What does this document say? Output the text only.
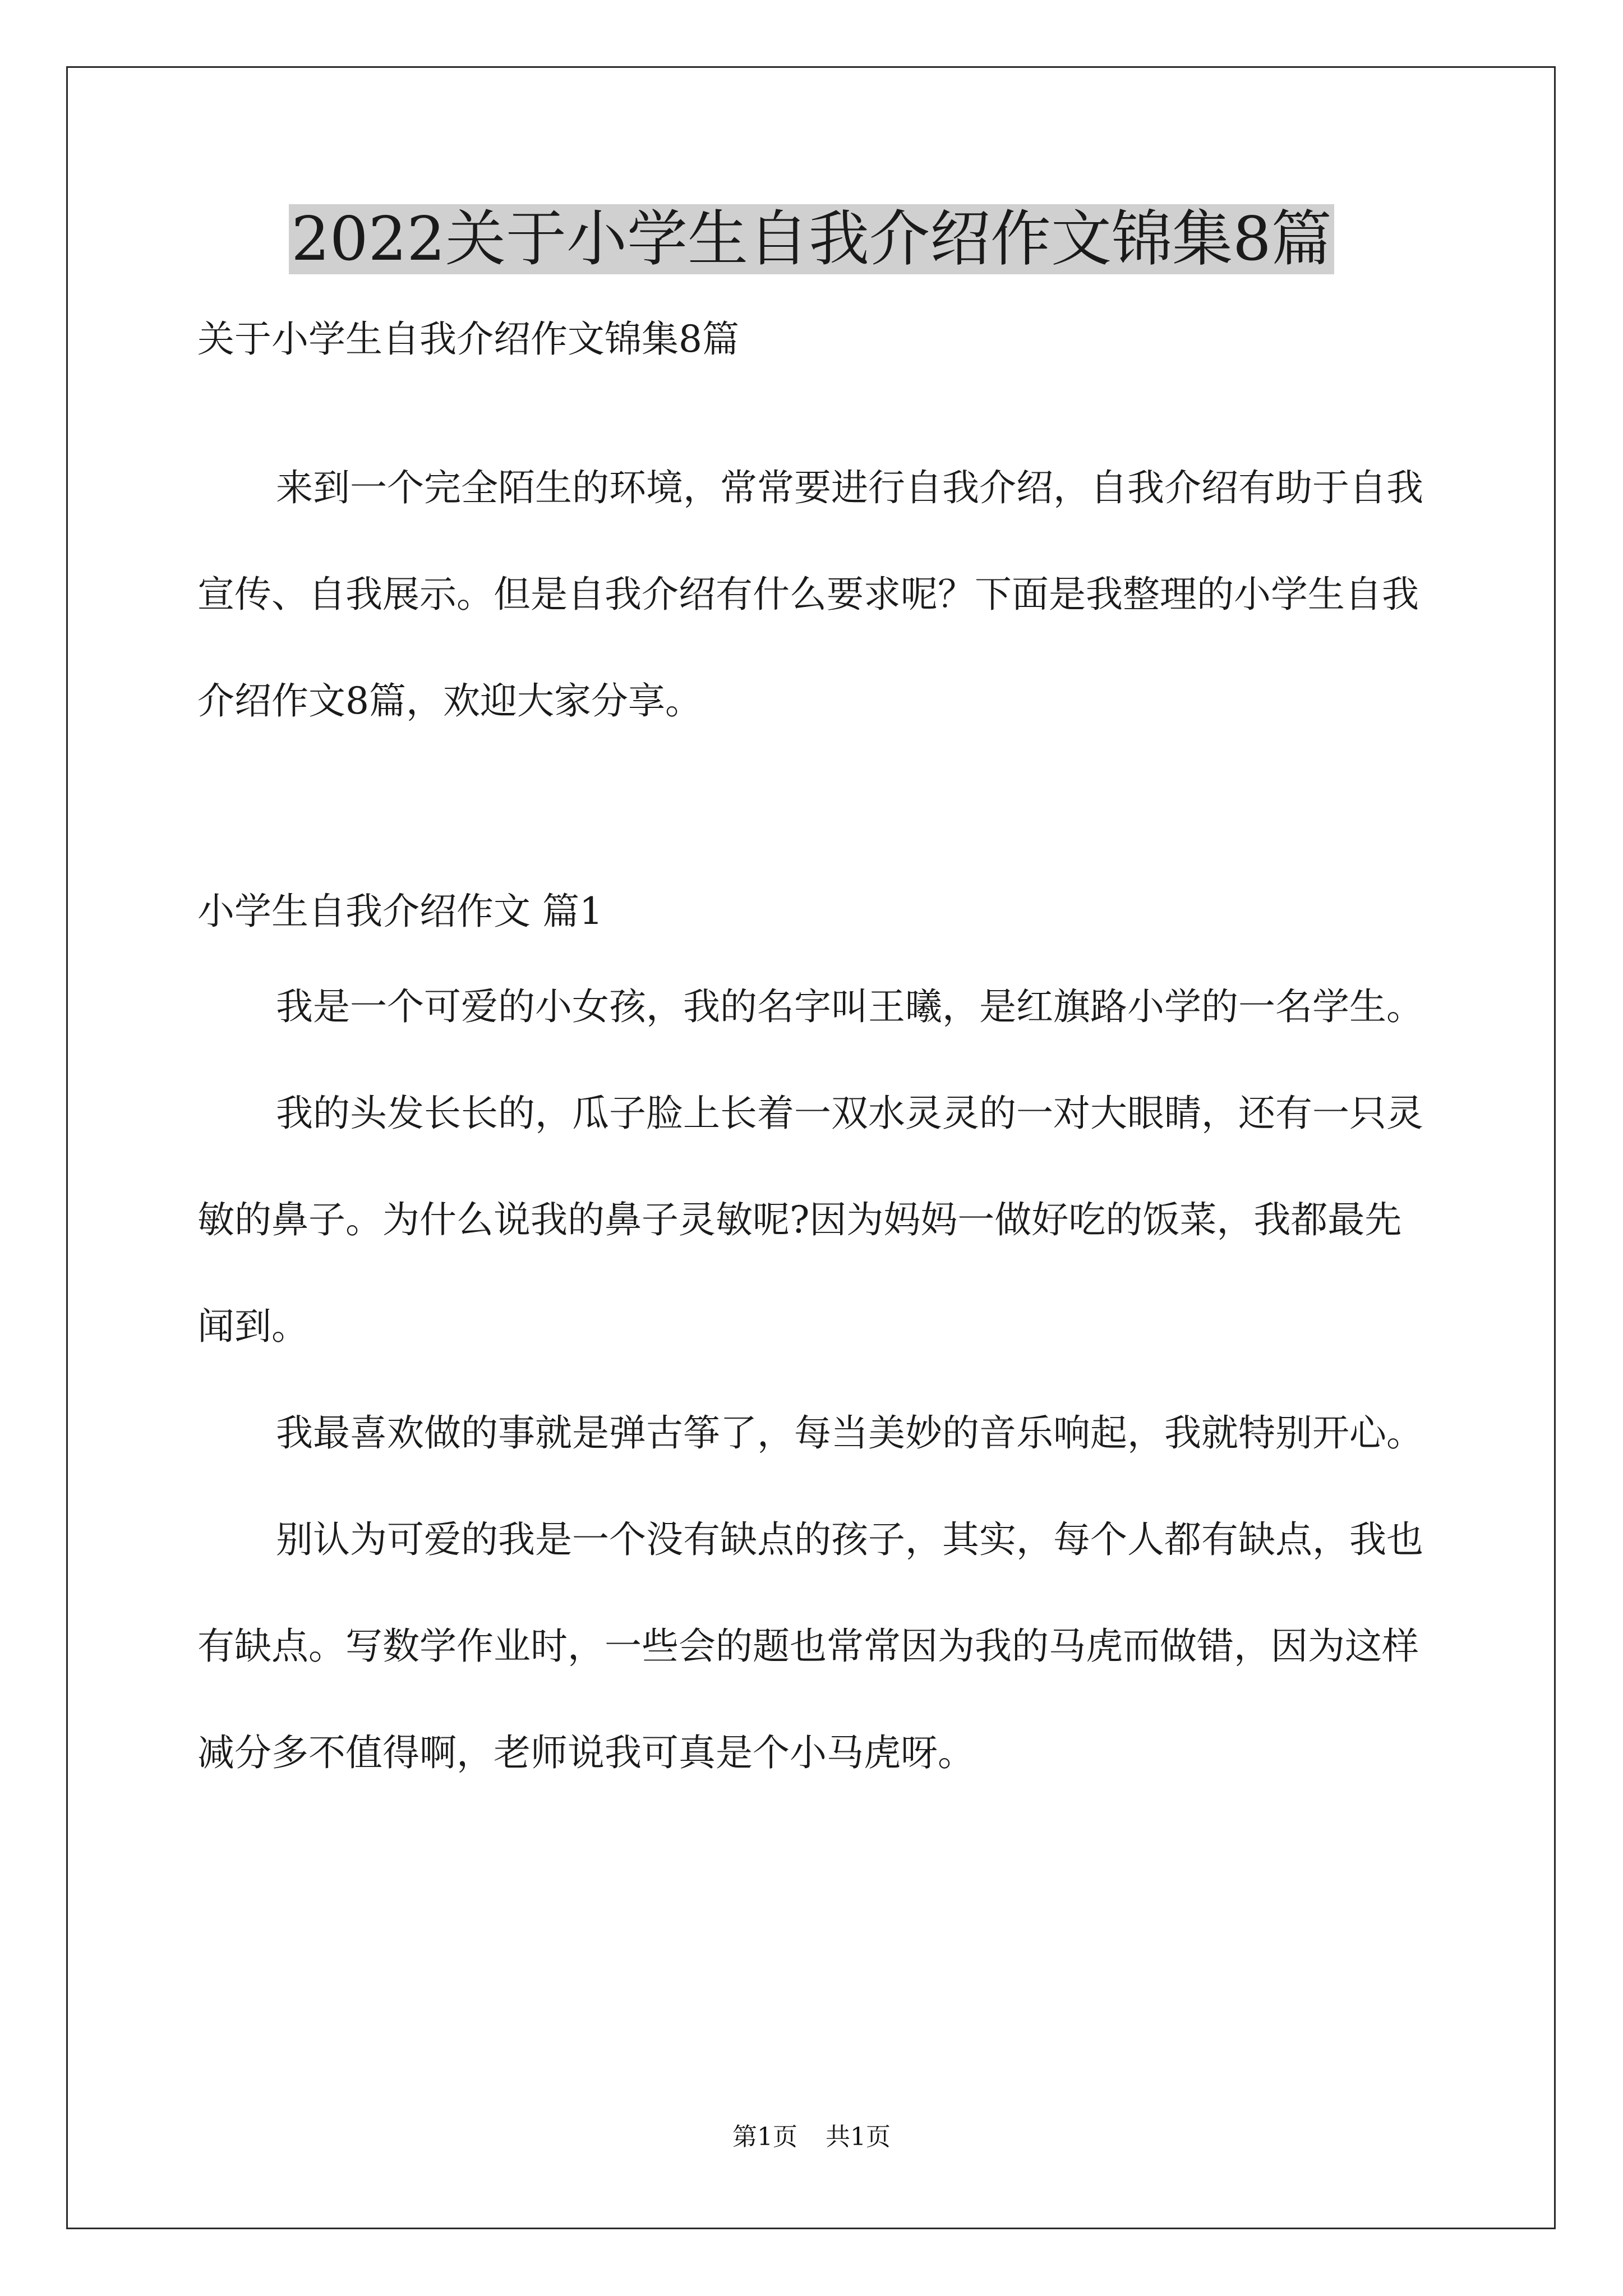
2022关于小学生自我介绍作文锦集8篇

关于小学生自我介绍作文锦集8篇

来到一个完全陌生的环境，常常要进行自我介绍，自我介绍有助于自我宣传、自我展示。但是自我介绍有什么要求呢？下面是我整理的小学生自我介绍作文8篇，欢迎大家分享。

小学生自我介绍作文 篇1

我是一个可爱的小女孩，我的名字叫王曦，是红旗路小学的一名学生。

我的头发长长的，瓜子脸上长着一双水灵灵的一对大眼睛，还有一只灵敏的鼻子。为什么说我的鼻子灵敏呢?因为妈妈一做好吃的饭菜，我都最先闻到。

我最喜欢做的事就是弹古筝了，每当美妙的音乐响起，我就特别开心。

别认为可爱的我是一个没有缺点的孩子，其实，每个人都有缺点，我也有缺点。写数学作业时，一些会的题也常常因为我的马虎而做错，因为这样减分多不值得啊，老师说我可真是个小马虎呀。

第1页 共1页
